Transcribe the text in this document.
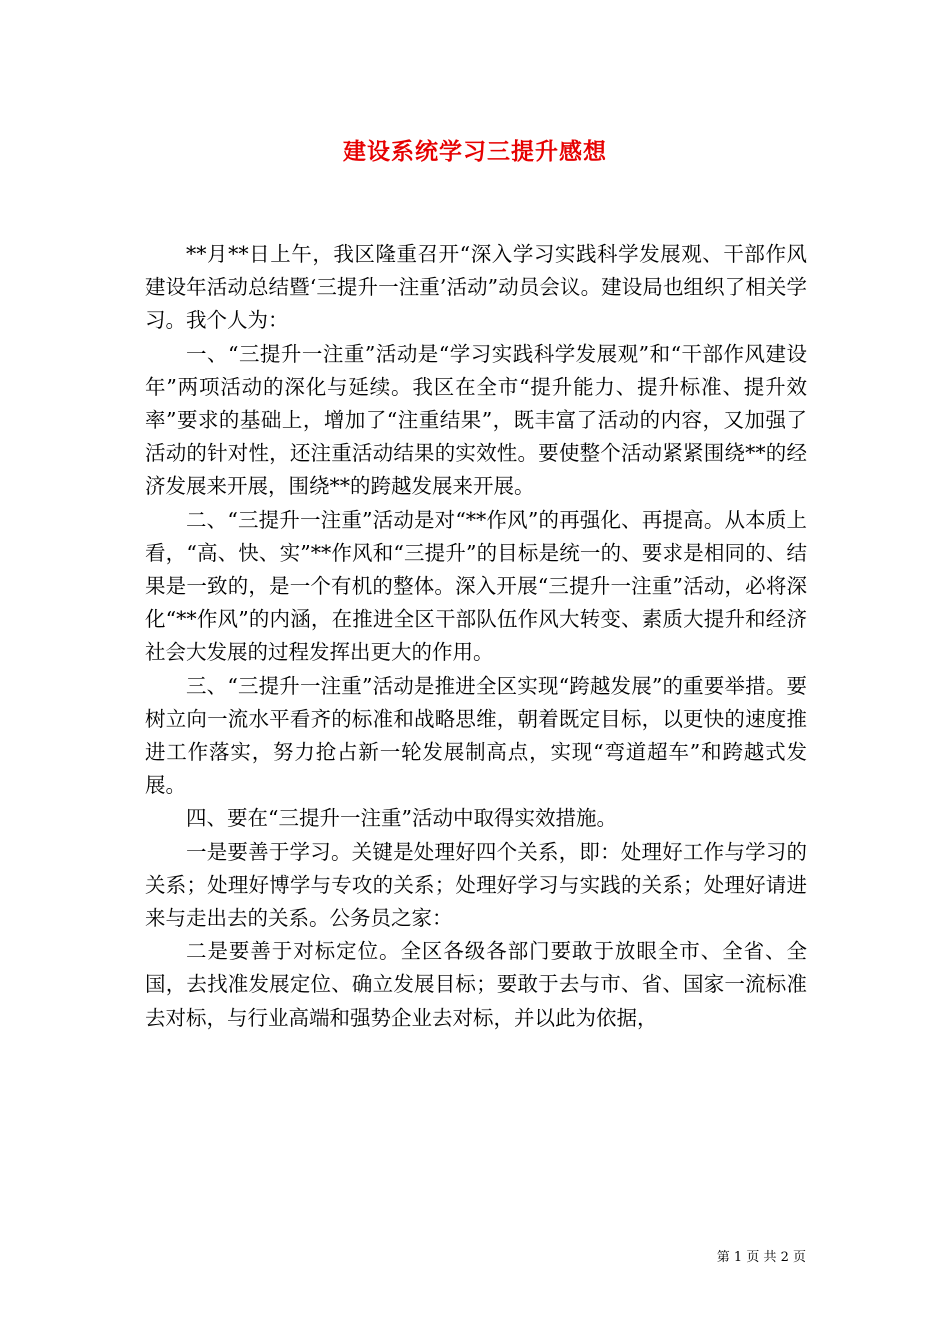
建设系统学习三提升感想

**月**日上午，我区隆重召开“深入学习实践科学发展观、干部作风建设年活动总结暨‘三提升一注重’活动”动员会议。建设局也组织了相关学习。我个人为：

一、“三提升一注重”活动是“学习实践科学发展观”和“干部作风建设年”两项活动的深化与延续。我区在全市“提升能力、提升标准、提升效率”要求的基础上，增加了“注重结果”，既丰富了活动的内容，又加强了活动的针对性，还注重活动结果的实效性。要使整个活动紧紧围绕**的经济发展来开展，围绕**的跨越发展来开展。

二、“三提升一注重”活动是对“**作风”的再强化、再提高。从本质上看，“高、快、实”**作风和“三提升”的目标是统一的、要求是相同的、结果是一致的，是一个有机的整体。深入开展“三提升一注重”活动，必将深化“**作风”的内涵，在推进全区干部队伍作风大转变、素质大提升和经济社会大发展的过程发挥出更大的作用。

三、“三提升一注重”活动是推进全区实现“跨越发展”的重要举措。要树立向一流水平看齐的标准和战略思维，朝着既定目标，以更快的速度推进工作落实，努力抢占新一轮发展制高点，实现“弯道超车”和跨越式发展。

四、要在“三提升一注重”活动中取得实效措施。

一是要善于学习。关键是处理好四个关系，即：处理好工作与学习的关系；处理好博学与专攻的关系；处理好学习与实践的关系；处理好请进来与走出去的关系。公务员之家：

二是要善于对标定位。全区各级各部门要敢于放眼全市、全省、全国，去找准发展定位、确立发展目标；要敢于去与市、省、国家一流标准去对标，与行业高端和强势企业去对标，并以此为依据，

第 1 页 共 2 页
